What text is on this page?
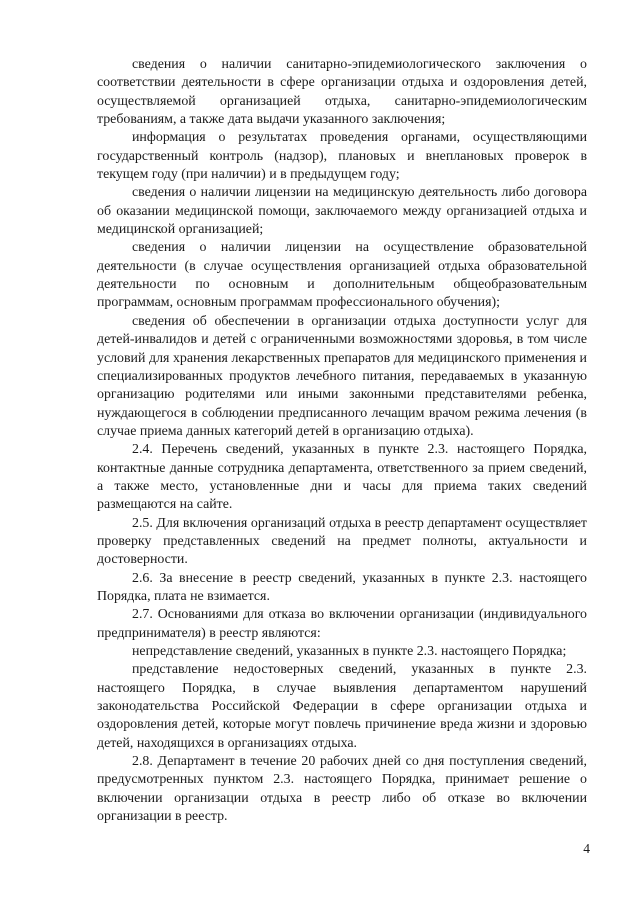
сведения о наличии санитарно-эпидемиологического заключения о соответствии деятельности в сфере организации отдыха и оздоровления детей, осуществляемой организацией отдыха, санитарно-эпидемиологическим требованиям, а также дата выдачи указанного заключения;

информация о результатах проведения органами, осуществляющими государственный контроль (надзор), плановых и внеплановых проверок в текущем году (при наличии) и в предыдущем году;

сведения о наличии лицензии на медицинскую деятельность либо договора об оказании медицинской помощи, заключаемого между организацией отдыха и медицинской организацией;

сведения о наличии лицензии на осуществление образовательной деятельности (в случае осуществления организацией отдыха образовательной деятельности по основным и дополнительным общеобразовательным программам, основным программам профессионального обучения);

сведения об обеспечении в организации отдыха доступности услуг для детей-инвалидов и детей с ограниченными возможностями здоровья, в том числе условий для хранения лекарственных препаратов для медицинского применения и специализированных продуктов лечебного питания, передаваемых в указанную организацию родителями или иными законными представителями ребенка, нуждающегося в соблюдении предписанного лечащим врачом режима лечения (в случае приема данных категорий детей в организацию отдыха).

2.4. Перечень сведений, указанных в пункте 2.3. настоящего Порядка, контактные данные сотрудника департамента, ответственного за прием сведений, а также место, установленные дни и часы для приема таких сведений размещаются на сайте.

2.5. Для включения организаций отдыха в реестр департамент осуществляет проверку представленных сведений на предмет полноты, актуальности и достоверности.

2.6. За внесение в реестр сведений, указанных в пункте 2.3. настоящего Порядка, плата не взимается.

2.7. Основаниями для отказа во включении организации (индивидуального предпринимателя) в реестр являются:

непредставление сведений, указанных в пункте 2.3. настоящего Порядка;

представление недостоверных сведений, указанных в пункте 2.3. настоящего Порядка, в случае выявления департаментом нарушений законодательства Российской Федерации в сфере организации отдыха и оздоровления детей, которые могут повлечь причинение вреда жизни и здоровью детей, находящихся в организациях отдыха.

2.8. Департамент в течение 20 рабочих дней со дня поступления сведений, предусмотренных пунктом 2.3. настоящего Порядка, принимает решение о включении организации отдыха в реестр либо об отказе во включении организации в реестр.

4
